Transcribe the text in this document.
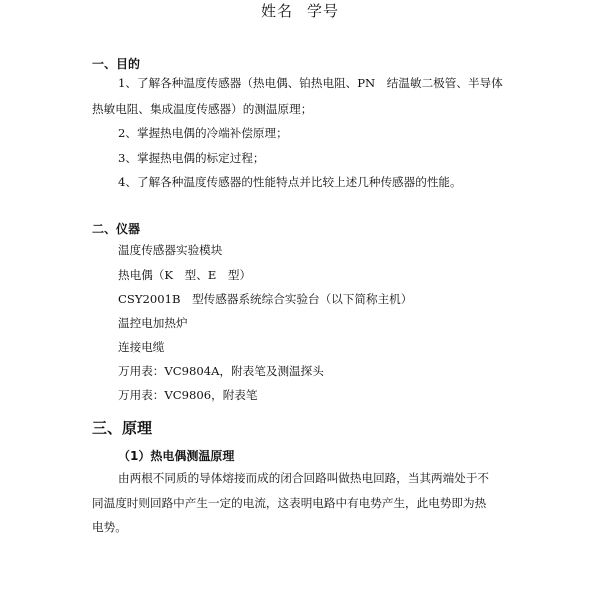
姓名 学号
一、目的
1、了解各种温度传感器（热电偶、铂热电阻、PN　结温敏二极管、半导体
热敏电阻、集成温度传感器）的测温原理；
2、掌握热电偶的冷端补偿原理；
3、掌握热电偶的标定过程；
4、了解各种温度传感器的性能特点并比较上述几种传感器的性能。
二、仪器
温度传感器实验模块
热电偶（K　型、E　型）
CSY2001B　型传感器系统综合实验台（以下简称主机）
温控电加热炉
连接电缆
万用表：VC9804A，附表笔及测温探头
万用表：VC9806，附表笔
三、原理
（1）热电偶测温原理
由两根不同质的导体熔接而成的闭合回路叫做热电回路，当其两端处于不
同温度时则回路中产生一定的电流，这表明电路中有电势产生，此电势即为热
电势。
